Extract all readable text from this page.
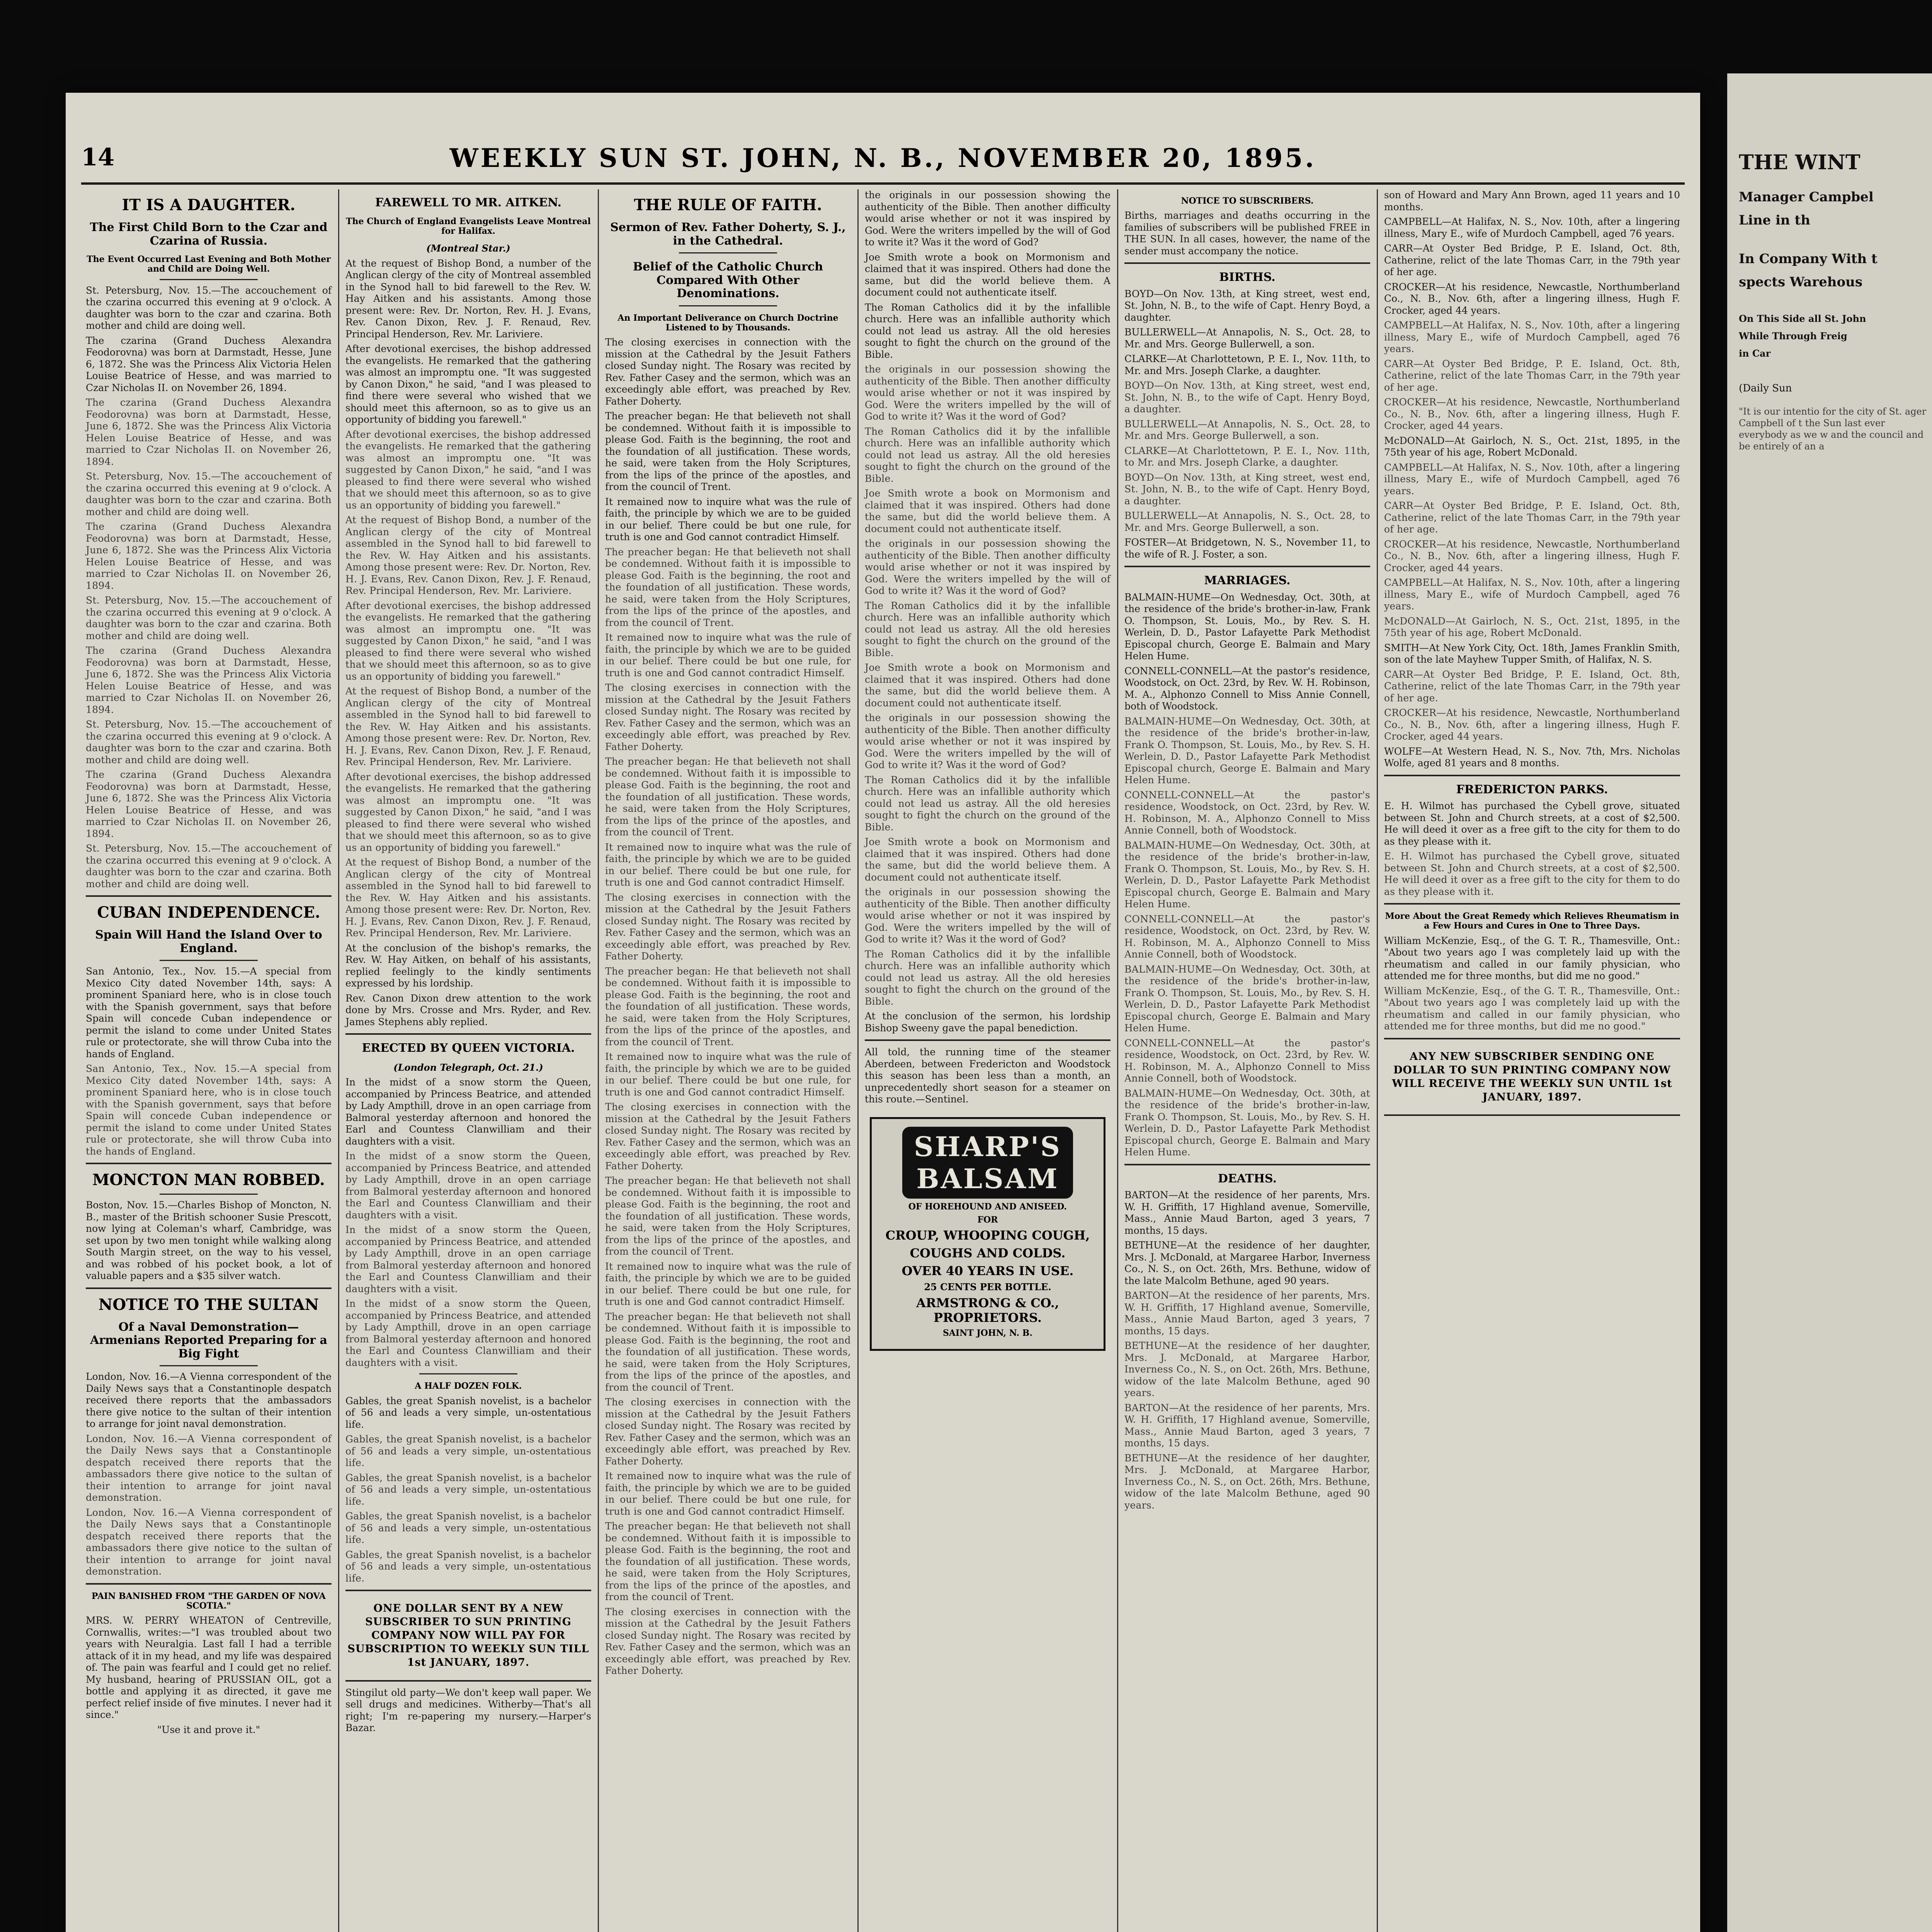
14	WEEKLY SUN ST. JOHN, N. B., NOVEMBER 20, 1895.
IT IS A DAUGHTER.
The First Child Born to the Czar and Czarina of Russia.
The Event Occurred Last Evening and Both Mother and Child are Doing Well.

St. Petersburg, Nov. 15.—The accouchement of the czarina occurred this evening at 9 o'clock. A daughter was born to the czar and czarina. Both mother and child are doing well.

The czarina (Grand Duchess Alexandra Feodorovna) was born at Darmstadt, Hesse, June 6, 1872. She was the Princess Alix Victoria Helen Louise Beatrice of Hesse, and was married to Czar Nicholas II. on November 26, 1894.

The czarina (Grand Duchess Alexandra Feodorovna) was born at Darmstadt, Hesse, June 6, 1872. She was the Princess Alix Victoria Helen Louise Beatrice of Hesse, and was married to Czar Nicholas II. on November 26, 1894.

St. Petersburg, Nov. 15.—The accouchement of the czarina occurred this evening at 9 o'clock. A daughter was born to the czar and czarina. Both mother and child are doing well.

The czarina (Grand Duchess Alexandra Feodorovna) was born at Darmstadt, Hesse, June 6, 1872. She was the Princess Alix Victoria Helen Louise Beatrice of Hesse, and was married to Czar Nicholas II. on November 26, 1894.

St. Petersburg, Nov. 15.—The accouchement of the czarina occurred this evening at 9 o'clock. A daughter was born to the czar and czarina. Both mother and child are doing well.

The czarina (Grand Duchess Alexandra Feodorovna) was born at Darmstadt, Hesse, June 6, 1872. She was the Princess Alix Victoria Helen Louise Beatrice of Hesse, and was married to Czar Nicholas II. on November 26, 1894.

St. Petersburg, Nov. 15.—The accouchement of the czarina occurred this evening at 9 o'clock. A daughter was born to the czar and czarina. Both mother and child are doing well.

The czarina (Grand Duchess Alexandra Feodorovna) was born at Darmstadt, Hesse, June 6, 1872. She was the Princess Alix Victoria Helen Louise Beatrice of Hesse, and was married to Czar Nicholas II. on November 26, 1894.

St. Petersburg, Nov. 15.—The accouchement of the czarina occurred this evening at 9 o'clock. A daughter was born to the czar and czarina. Both mother and child are doing well.

CUBAN INDEPENDENCE.
Spain Will Hand the Island Over to England.

San Antonio, Tex., Nov. 15.—A special from Mexico City dated November 14th, says: A prominent Spaniard here, who is in close touch with the Spanish government, says that before Spain will concede Cuban independence or permit the island to come under United States rule or protectorate, she will throw Cuba into the hands of England.

San Antonio, Tex., Nov. 15.—A special from Mexico City dated November 14th, says: A prominent Spaniard here, who is in close touch with the Spanish government, says that before Spain will concede Cuban independence or permit the island to come under United States rule or protectorate, she will throw Cuba into the hands of England.

MONCTON MAN ROBBED.

Boston, Nov. 15.—Charles Bishop of Moncton, N. B., master of the British schooner Susie Prescott, now lying at Coleman's wharf, Cambridge, was set upon by two men tonight while walking along South Margin street, on the way to his vessel, and was robbed of his pocket book, a lot of valuable papers and a $35 silver watch.

NOTICE TO THE SULTAN
Of a Naval Demonstration—Armenians Reported Preparing for a Big Fight

London, Nov. 16.—A Vienna correspondent of the Daily News says that a Constantinople despatch received there reports that the ambassadors there give notice to the sultan of their intention to arrange for joint naval demonstration.

London, Nov. 16.—A Vienna correspondent of the Daily News says that a Constantinople despatch received there reports that the ambassadors there give notice to the sultan of their intention to arrange for joint naval demonstration.

London, Nov. 16.—A Vienna correspondent of the Daily News says that a Constantinople despatch received there reports that the ambassadors there give notice to the sultan of their intention to arrange for joint naval demonstration.

PAIN BANISHED FROM "THE GARDEN OF NOVA SCOTIA."

MRS. W. PERRY WHEATON of Centreville, Cornwallis, writes:—"I was troubled about two years with Neuralgia. Last fall I had a terrible attack of it in my head, and my life was despaired of. The pain was fearful and I could get no relief. My husband, hearing of PRUSSIAN OIL, got a bottle and applying it as directed, it gave me perfect relief inside of five minutes. I never had it since."

"Use it and prove it."

FAREWELL TO MR. AITKEN.
The Church of England Evangelists Leave Montreal for Halifax.
(Montreal Star.)

At the request of Bishop Bond, a number of the Anglican clergy of the city of Montreal assembled in the Synod hall to bid farewell to the Rev. W. Hay Aitken and his assistants. Among those present were: Rev. Dr. Norton, Rev. H. J. Evans, Rev. Canon Dixon, Rev. J. F. Renaud, Rev. Principal Henderson, Rev. Mr. Lariviere.

After devotional exercises, the bishop addressed the evangelists. He remarked that the gathering was almost an impromptu one. "It was suggested by Canon Dixon," he said, "and I was pleased to find there were several who wished that we should meet this afternoon, so as to give us an opportunity of bidding you farewell."

After devotional exercises, the bishop addressed the evangelists. He remarked that the gathering was almost an impromptu one. "It was suggested by Canon Dixon," he said, "and I was pleased to find there were several who wished that we should meet this afternoon, so as to give us an opportunity of bidding you farewell."

At the request of Bishop Bond, a number of the Anglican clergy of the city of Montreal assembled in the Synod hall to bid farewell to the Rev. W. Hay Aitken and his assistants. Among those present were: Rev. Dr. Norton, Rev. H. J. Evans, Rev. Canon Dixon, Rev. J. F. Renaud, Rev. Principal Henderson, Rev. Mr. Lariviere.

After devotional exercises, the bishop addressed the evangelists. He remarked that the gathering was almost an impromptu one. "It was suggested by Canon Dixon," he said, "and I was pleased to find there were several who wished that we should meet this afternoon, so as to give us an opportunity of bidding you farewell."

At the request of Bishop Bond, a number of the Anglican clergy of the city of Montreal assembled in the Synod hall to bid farewell to the Rev. W. Hay Aitken and his assistants. Among those present were: Rev. Dr. Norton, Rev. H. J. Evans, Rev. Canon Dixon, Rev. J. F. Renaud, Rev. Principal Henderson, Rev. Mr. Lariviere.

After devotional exercises, the bishop addressed the evangelists. He remarked that the gathering was almost an impromptu one. "It was suggested by Canon Dixon," he said, "and I was pleased to find there were several who wished that we should meet this afternoon, so as to give us an opportunity of bidding you farewell."

At the request of Bishop Bond, a number of the Anglican clergy of the city of Montreal assembled in the Synod hall to bid farewell to the Rev. W. Hay Aitken and his assistants. Among those present were: Rev. Dr. Norton, Rev. H. J. Evans, Rev. Canon Dixon, Rev. J. F. Renaud, Rev. Principal Henderson, Rev. Mr. Lariviere.

At the conclusion of the bishop's remarks, the Rev. W. Hay Aitken, on behalf of his assistants, replied feelingly to the kindly sentiments expressed by his lordship.

Rev. Canon Dixon drew attention to the work done by Mrs. Crosse and Mrs. Ryder, and Rev. James Stephens ably replied.

ERECTED BY QUEEN VICTORIA.
(London Telegraph, Oct. 21.)

In the midst of a snow storm the Queen, accompanied by Princess Beatrice, and attended by Lady Ampthill, drove in an open carriage from Balmoral yesterday afternoon and honored the Earl and Countess Clanwilliam and their daughters with a visit.

In the midst of a snow storm the Queen, accompanied by Princess Beatrice, and attended by Lady Ampthill, drove in an open carriage from Balmoral yesterday afternoon and honored the Earl and Countess Clanwilliam and their daughters with a visit.

In the midst of a snow storm the Queen, accompanied by Princess Beatrice, and attended by Lady Ampthill, drove in an open carriage from Balmoral yesterday afternoon and honored the Earl and Countess Clanwilliam and their daughters with a visit.

In the midst of a snow storm the Queen, accompanied by Princess Beatrice, and attended by Lady Ampthill, drove in an open carriage from Balmoral yesterday afternoon and honored the Earl and Countess Clanwilliam and their daughters with a visit.

A HALF DOZEN FOLK.

Gables, the great Spanish novelist, is a bachelor of 56 and leads a very simple, un-ostentatious life.

Gables, the great Spanish novelist, is a bachelor of 56 and leads a very simple, un-ostentatious life.

Gables, the great Spanish novelist, is a bachelor of 56 and leads a very simple, un-ostentatious life.

Gables, the great Spanish novelist, is a bachelor of 56 and leads a very simple, un-ostentatious life.

Gables, the great Spanish novelist, is a bachelor of 56 and leads a very simple, un-ostentatious life.

ONE DOLLAR SENT BY A NEW SUBSCRIBER TO SUN PRINTING COMPANY NOW WILL PAY FOR SUBSCRIPTION TO WEEKLY SUN TILL 1st JANUARY, 1897.

Stingilut old party—We don't keep wall paper. We sell drugs and medicines. Witherby—That's all right; I'm re-papering my nursery.—Harper's Bazar.

THE RULE OF FAITH.
Sermon of Rev. Father Doherty, S. J., in the Cathedral.
Belief of the Catholic Church Compared With Other Denominations.
An Important Deliverance on Church Doctrine Listened to by Thousands.

The closing exercises in connection with the mission at the Cathedral by the Jesuit Fathers closed Sunday night. The Rosary was recited by Rev. Father Casey and the sermon, which was an exceedingly able effort, was preached by Rev. Father Doherty.

The preacher began: He that believeth not shall be condemned. Without faith it is impossible to please God. Faith is the beginning, the root and the foundation of all justification. These words, he said, were taken from the Holy Scriptures, from the lips of the prince of the apostles, and from the council of Trent.

It remained now to inquire what was the rule of faith, the principle by which we are to be guided in our belief. There could be but one rule, for truth is one and God cannot contradict Himself.

The preacher began: He that believeth not shall be condemned. Without faith it is impossible to please God. Faith is the beginning, the root and the foundation of all justification. These words, he said, were taken from the Holy Scriptures, from the lips of the prince of the apostles, and from the council of Trent.

It remained now to inquire what was the rule of faith, the principle by which we are to be guided in our belief. There could be but one rule, for truth is one and God cannot contradict Himself.

The closing exercises in connection with the mission at the Cathedral by the Jesuit Fathers closed Sunday night. The Rosary was recited by Rev. Father Casey and the sermon, which was an exceedingly able effort, was preached by Rev. Father Doherty.

The preacher began: He that believeth not shall be condemned. Without faith it is impossible to please God. Faith is the beginning, the root and the foundation of all justification. These words, he said, were taken from the Holy Scriptures, from the lips of the prince of the apostles, and from the council of Trent.

It remained now to inquire what was the rule of faith, the principle by which we are to be guided in our belief. There could be but one rule, for truth is one and God cannot contradict Himself.

The closing exercises in connection with the mission at the Cathedral by the Jesuit Fathers closed Sunday night. The Rosary was recited by Rev. Father Casey and the sermon, which was an exceedingly able effort, was preached by Rev. Father Doherty.

The preacher began: He that believeth not shall be condemned. Without faith it is impossible to please God. Faith is the beginning, the root and the foundation of all justification. These words, he said, were taken from the Holy Scriptures, from the lips of the prince of the apostles, and from the council of Trent.

It remained now to inquire what was the rule of faith, the principle by which we are to be guided in our belief. There could be but one rule, for truth is one and God cannot contradict Himself.

The closing exercises in connection with the mission at the Cathedral by the Jesuit Fathers closed Sunday night. The Rosary was recited by Rev. Father Casey and the sermon, which was an exceedingly able effort, was preached by Rev. Father Doherty.

The preacher began: He that believeth not shall be condemned. Without faith it is impossible to please God. Faith is the beginning, the root and the foundation of all justification. These words, he said, were taken from the Holy Scriptures, from the lips of the prince of the apostles, and from the council of Trent.

It remained now to inquire what was the rule of faith, the principle by which we are to be guided in our belief. There could be but one rule, for truth is one and God cannot contradict Himself.

The preacher began: He that believeth not shall be condemned. Without faith it is impossible to please God. Faith is the beginning, the root and the foundation of all justification. These words, he said, were taken from the Holy Scriptures, from the lips of the prince of the apostles, and from the council of Trent.

The closing exercises in connection with the mission at the Cathedral by the Jesuit Fathers closed Sunday night. The Rosary was recited by Rev. Father Casey and the sermon, which was an exceedingly able effort, was preached by Rev. Father Doherty.

It remained now to inquire what was the rule of faith, the principle by which we are to be guided in our belief. There could be but one rule, for truth is one and God cannot contradict Himself.

The preacher began: He that believeth not shall be condemned. Without faith it is impossible to please God. Faith is the beginning, the root and the foundation of all justification. These words, he said, were taken from the Holy Scriptures, from the lips of the prince of the apostles, and from the council of Trent.

The closing exercises in connection with the mission at the Cathedral by the Jesuit Fathers closed Sunday night. The Rosary was recited by Rev. Father Casey and the sermon, which was an exceedingly able effort, was preached by Rev. Father Doherty.

the originals in our possession showing the authenticity of the Bible. Then another difficulty would arise whether or not it was inspired by God. Were the writers impelled by the will of God to write it? Was it the word of God?

Joe Smith wrote a book on Mormonism and claimed that it was inspired. Others had done the same, but did the world believe them. A document could not authenticate itself.

The Roman Catholics did it by the infallible church. Here was an infallible authority which could not lead us astray. All the old heresies sought to fight the church on the ground of the Bible.

the originals in our possession showing the authenticity of the Bible. Then another difficulty would arise whether or not it was inspired by God. Were the writers impelled by the will of God to write it? Was it the word of God?

The Roman Catholics did it by the infallible church. Here was an infallible authority which could not lead us astray. All the old heresies sought to fight the church on the ground of the Bible.

Joe Smith wrote a book on Mormonism and claimed that it was inspired. Others had done the same, but did the world believe them. A document could not authenticate itself.

the originals in our possession showing the authenticity of the Bible. Then another difficulty would arise whether or not it was inspired by God. Were the writers impelled by the will of God to write it? Was it the word of God?

The Roman Catholics did it by the infallible church. Here was an infallible authority which could not lead us astray. All the old heresies sought to fight the church on the ground of the Bible.

Joe Smith wrote a book on Mormonism and claimed that it was inspired. Others had done the same, but did the world believe them. A document could not authenticate itself.

the originals in our possession showing the authenticity of the Bible. Then another difficulty would arise whether or not it was inspired by God. Were the writers impelled by the will of God to write it? Was it the word of God?

The Roman Catholics did it by the infallible church. Here was an infallible authority which could not lead us astray. All the old heresies sought to fight the church on the ground of the Bible.

Joe Smith wrote a book on Mormonism and claimed that it was inspired. Others had done the same, but did the world believe them. A document could not authenticate itself.

the originals in our possession showing the authenticity of the Bible. Then another difficulty would arise whether or not it was inspired by God. Were the writers impelled by the will of God to write it? Was it the word of God?

The Roman Catholics did it by the infallible church. Here was an infallible authority which could not lead us astray. All the old heresies sought to fight the church on the ground of the Bible.

At the conclusion of the sermon, his lordship Bishop Sweeny gave the papal benediction.

All told, the running time of the steamer Aberdeen, between Fredericton and Woodstock this season has been less than a month, an unprecedentedly short season for a steamer on this route.—Sentinel.

SHARP'S
BALSAM
OF HOREHOUND AND ANISEED.
FOR
CROUP, WHOOPING COUGH,
COUGHS AND COLDS.
OVER 40 YEARS IN USE.
25 CENTS PER BOTTLE.
ARMSTRONG & CO., PROPRIETORS.
SAINT JOHN, N. B.
NOTICE TO SUBSCRIBERS.

Births, marriages and deaths occurring in the families of subscribers will be published FREE in THE SUN. In all cases, however, the name of the sender must accompany the notice.

BIRTHS.

BOYD—On Nov. 13th, at King street, west end, St. John, N. B., to the wife of Capt. Henry Boyd, a daughter.

BULLERWELL—At Annapolis, N. S., Oct. 28, to Mr. and Mrs. George Bullerwell, a son.

CLARKE—At Charlottetown, P. E. I., Nov. 11th, to Mr. and Mrs. Joseph Clarke, a daughter.

BOYD—On Nov. 13th, at King street, west end, St. John, N. B., to the wife of Capt. Henry Boyd, a daughter.

BULLERWELL—At Annapolis, N. S., Oct. 28, to Mr. and Mrs. George Bullerwell, a son.

CLARKE—At Charlottetown, P. E. I., Nov. 11th, to Mr. and Mrs. Joseph Clarke, a daughter.

BOYD—On Nov. 13th, at King street, west end, St. John, N. B., to the wife of Capt. Henry Boyd, a daughter.

BULLERWELL—At Annapolis, N. S., Oct. 28, to Mr. and Mrs. George Bullerwell, a son.

FOSTER—At Bridgetown, N. S., November 11, to the wife of R. J. Foster, a son.

MARRIAGES.

BALMAIN-HUME—On Wednesday, Oct. 30th, at the residence of the bride's brother-in-law, Frank O. Thompson, St. Louis, Mo., by Rev. S. H. Werlein, D. D., Pastor Lafayette Park Methodist Episcopal church, George E. Balmain and Mary Helen Hume.

CONNELL-CONNELL—At the pastor's residence, Woodstock, on Oct. 23rd, by Rev. W. H. Robinson, M. A., Alphonzo Connell to Miss Annie Connell, both of Woodstock.

BALMAIN-HUME—On Wednesday, Oct. 30th, at the residence of the bride's brother-in-law, Frank O. Thompson, St. Louis, Mo., by Rev. S. H. Werlein, D. D., Pastor Lafayette Park Methodist Episcopal church, George E. Balmain and Mary Helen Hume.

CONNELL-CONNELL—At the pastor's residence, Woodstock, on Oct. 23rd, by Rev. W. H. Robinson, M. A., Alphonzo Connell to Miss Annie Connell, both of Woodstock.

BALMAIN-HUME—On Wednesday, Oct. 30th, at the residence of the bride's brother-in-law, Frank O. Thompson, St. Louis, Mo., by Rev. S. H. Werlein, D. D., Pastor Lafayette Park Methodist Episcopal church, George E. Balmain and Mary Helen Hume.

CONNELL-CONNELL—At the pastor's residence, Woodstock, on Oct. 23rd, by Rev. W. H. Robinson, M. A., Alphonzo Connell to Miss Annie Connell, both of Woodstock.

BALMAIN-HUME—On Wednesday, Oct. 30th, at the residence of the bride's brother-in-law, Frank O. Thompson, St. Louis, Mo., by Rev. S. H. Werlein, D. D., Pastor Lafayette Park Methodist Episcopal church, George E. Balmain and Mary Helen Hume.

CONNELL-CONNELL—At the pastor's residence, Woodstock, on Oct. 23rd, by Rev. W. H. Robinson, M. A., Alphonzo Connell to Miss Annie Connell, both of Woodstock.

BALMAIN-HUME—On Wednesday, Oct. 30th, at the residence of the bride's brother-in-law, Frank O. Thompson, St. Louis, Mo., by Rev. S. H. Werlein, D. D., Pastor Lafayette Park Methodist Episcopal church, George E. Balmain and Mary Helen Hume.

DEATHS.

BARTON—At the residence of her parents, Mrs. W. H. Griffith, 17 Highland avenue, Somerville, Mass., Annie Maud Barton, aged 3 years, 7 months, 15 days.

BETHUNE—At the residence of her daughter, Mrs. J. McDonald, at Margaree Harbor, Inverness Co., N. S., on Oct. 26th, Mrs. Bethune, widow of the late Malcolm Bethune, aged 90 years.

BARTON—At the residence of her parents, Mrs. W. H. Griffith, 17 Highland avenue, Somerville, Mass., Annie Maud Barton, aged 3 years, 7 months, 15 days.

BETHUNE—At the residence of her daughter, Mrs. J. McDonald, at Margaree Harbor, Inverness Co., N. S., on Oct. 26th, Mrs. Bethune, widow of the late Malcolm Bethune, aged 90 years.

BARTON—At the residence of her parents, Mrs. W. H. Griffith, 17 Highland avenue, Somerville, Mass., Annie Maud Barton, aged 3 years, 7 months, 15 days.

BETHUNE—At the residence of her daughter, Mrs. J. McDonald, at Margaree Harbor, Inverness Co., N. S., on Oct. 26th, Mrs. Bethune, widow of the late Malcolm Bethune, aged 90 years.

son of Howard and Mary Ann Brown, aged 11 years and 10 months.

CAMPBELL—At Halifax, N. S., Nov. 10th, after a lingering illness, Mary E., wife of Murdoch Campbell, aged 76 years.

CARR—At Oyster Bed Bridge, P. E. Island, Oct. 8th, Catherine, relict of the late Thomas Carr, in the 79th year of her age.

CROCKER—At his residence, Newcastle, Northumberland Co., N. B., Nov. 6th, after a lingering illness, Hugh F. Crocker, aged 44 years.

CAMPBELL—At Halifax, N. S., Nov. 10th, after a lingering illness, Mary E., wife of Murdoch Campbell, aged 76 years.

CARR—At Oyster Bed Bridge, P. E. Island, Oct. 8th, Catherine, relict of the late Thomas Carr, in the 79th year of her age.

CROCKER—At his residence, Newcastle, Northumberland Co., N. B., Nov. 6th, after a lingering illness, Hugh F. Crocker, aged 44 years.

McDONALD—At Gairloch, N. S., Oct. 21st, 1895, in the 75th year of his age, Robert McDonald.

CAMPBELL—At Halifax, N. S., Nov. 10th, after a lingering illness, Mary E., wife of Murdoch Campbell, aged 76 years.

CARR—At Oyster Bed Bridge, P. E. Island, Oct. 8th, Catherine, relict of the late Thomas Carr, in the 79th year of her age.

CROCKER—At his residence, Newcastle, Northumberland Co., N. B., Nov. 6th, after a lingering illness, Hugh F. Crocker, aged 44 years.

CAMPBELL—At Halifax, N. S., Nov. 10th, after a lingering illness, Mary E., wife of Murdoch Campbell, aged 76 years.

McDONALD—At Gairloch, N. S., Oct. 21st, 1895, in the 75th year of his age, Robert McDonald.

SMITH—At New York City, Oct. 18th, James Franklin Smith, son of the late Mayhew Tupper Smith, of Halifax, N. S.

CARR—At Oyster Bed Bridge, P. E. Island, Oct. 8th, Catherine, relict of the late Thomas Carr, in the 79th year of her age.

CROCKER—At his residence, Newcastle, Northumberland Co., N. B., Nov. 6th, after a lingering illness, Hugh F. Crocker, aged 44 years.

WOLFE—At Western Head, N. S., Nov. 7th, Mrs. Nicholas Wolfe, aged 81 years and 8 months.

FREDERICTON PARKS.

E. H. Wilmot has purchased the Cybell grove, situated between St. John and Church streets, at a cost of $2,500. He will deed it over as a free gift to the city for them to do as they please with it.

E. H. Wilmot has purchased the Cybell grove, situated between St. John and Church streets, at a cost of $2,500. He will deed it over as a free gift to the city for them to do as they please with it.

More About the Great Remedy which Relieves Rheumatism in a Few Hours and Cures in One to Three Days.

William McKenzie, Esq., of the G. T. R., Thamesville, Ont.: "About two years ago I was completely laid up with the rheumatism and called in our family physician, who attended me for three months, but did me no good."

William McKenzie, Esq., of the G. T. R., Thamesville, Ont.: "About two years ago I was completely laid up with the rheumatism and called in our family physician, who attended me for three months, but did me no good."

ANY NEW SUBSCRIBER SENDING ONE DOLLAR TO SUN PRINTING COMPANY NOW WILL RECEIVE THE WEEKLY SUN UNTIL 1st JANUARY, 1897.

THE WINT
Manager Campbel
Line in th
In Company With t
spects Warehous
On This Side all St. John
While Through Freig
in Car
(Daily Sun
"It is our intentio for the city of St. ager Campbell of t the Sun last ever everybody as we w and the council and be entirely of an a
